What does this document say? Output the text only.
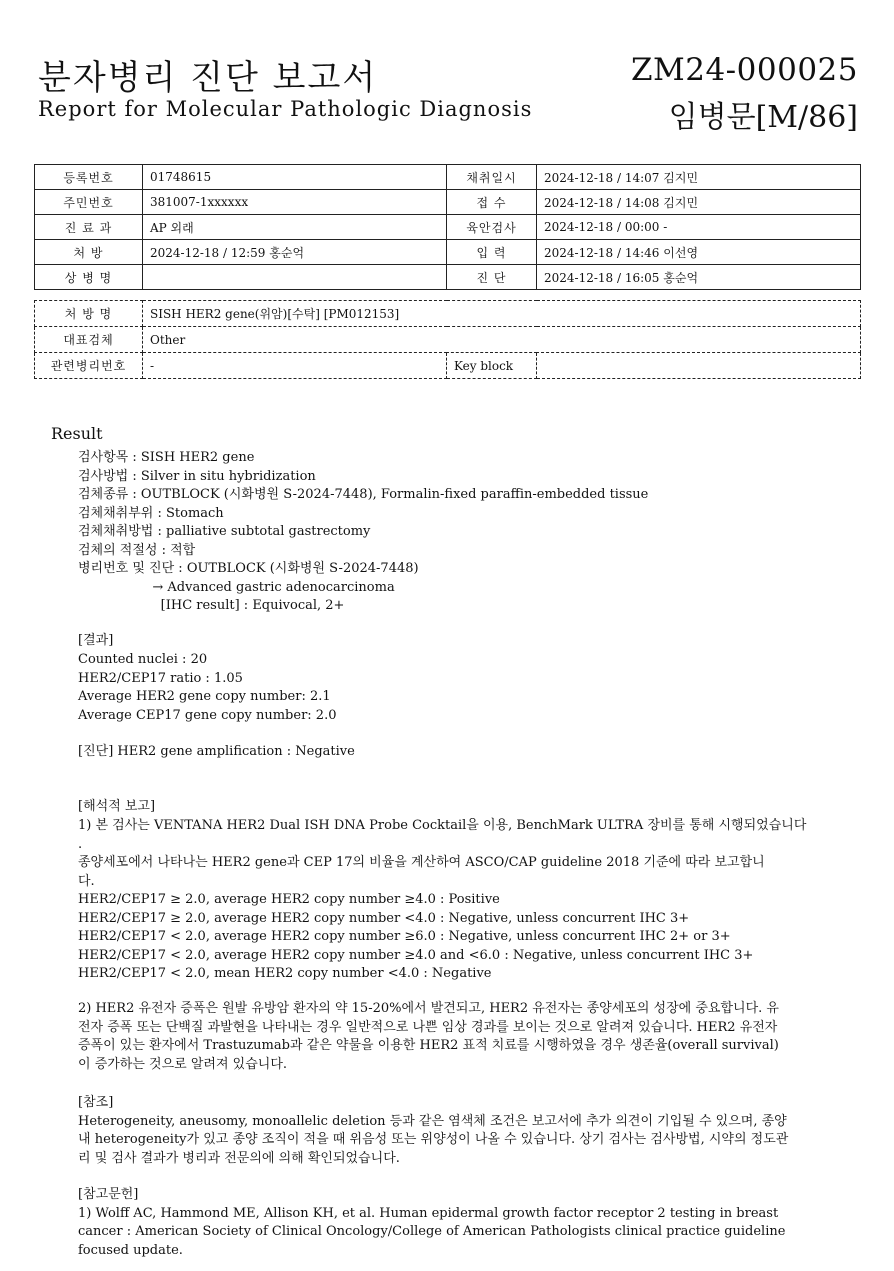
분자병리 진단 보고서
Report for Molecular Pathologic Diagnosis
ZM24-000025
임병문[M/86]
등록번호	01748615	채취일시	2024-12-18 / 14:07 김지민
주민번호	381007-1xxxxxx	접 수	2024-12-18 / 14:08 김지민
진 료 과	AP 외래	육안검사	2024-12-18 / 00:00 -
처 방	2024-12-18 / 12:59 홍순억	입 력	2024-12-18 / 14:46 이선영
상 병 명		진 단	2024-12-18 / 16:05 홍순억
처 방 명	SISH HER2 gene(위암)[수탁] [PM012153]		
대표검체	Other		
관련병리번호	-	Key block	
Result
검사항목 : SISH HER2 gene
검사방법 : Silver in situ hybridization
검체종류 : OUTBLOCK (시화병원 S-2024-7448), Formalin-fixed paraffin-embedded tissue
검체채취부위 : Stomach
검체채취방법 : palliative subtotal gastrectomy
검체의 적절성 : 적합
병리번호 및 진단 : OUTBLOCK (시화병원 S-2024-7448)
→ Advanced gastric adenocarcinoma
[IHC result] : Equivocal, 2+
[결과]
Counted nuclei : 20
HER2/CEP17 ratio : 1.05
Average HER2 gene copy number: 2.1
Average CEP17 gene copy number: 2.0
[진단] HER2 gene amplification : Negative
[해석적 보고]
1) 본 검사는 VENTANA HER2 Dual ISH DNA Probe Cocktail을 이용, BenchMark ULTRA 장비를 통해 시행되었습니다
.
종양세포에서 나타나는 HER2 gene과 CEP 17의 비율을 계산하여 ASCO/CAP guideline 2018 기준에 따라 보고합니
다.
HER2/CEP17 ≥ 2.0, average HER2 copy number ≥4.0 : Positive
HER2/CEP17 ≥ 2.0, average HER2 copy number <4.0 : Negative, unless concurrent IHC 3+
HER2/CEP17 < 2.0, average HER2 copy number ≥6.0 : Negative, unless concurrent IHC 2+ or 3+
HER2/CEP17 < 2.0, average HER2 copy number ≥4.0 and <6.0 : Negative, unless concurrent IHC 3+
HER2/CEP17 < 2.0, mean HER2 copy number <4.0 : Negative

2) HER2 유전자 증폭은 원발 유방암 환자의 약 15-20%에서 발견되고, HER2 유전자는 종양세포의 성장에 중요합니다. 유전자 증폭 또는 단백질 과발현을 나타내는 경우 일반적으로 나쁜 임상 경과를 보이는 것으로 알려져 있습니다. HER2 유전자 증폭이 있는 환자에서 Trastuzumab과 같은 약물을 이용한 HER2 표적 치료를 시행하였을 경우 생존율(overall survival)이 증가하는 것으로 알려져 있습니다.

[참조]

Heterogeneity, aneusomy, monoallelic deletion 등과 같은 염색체 조건은 보고서에 추가 의견이 기입될 수 있으며, 종양 내 heterogeneity가 있고 종양 조직이 적을 때 위음성 또는 위양성이 나올 수 있습니다. 상기 검사는 검사방법, 시약의 정도관리 및 검사 결과가 병리과 전문의에 의해 확인되었습니다.

[참고문헌]

1) Wolff AC, Hammond ME, Allison KH, et al. Human epidermal growth factor receptor 2 testing in breast cancer : American Society of Clinical Oncology/College of American Pathologists clinical practice guideline focused update.
